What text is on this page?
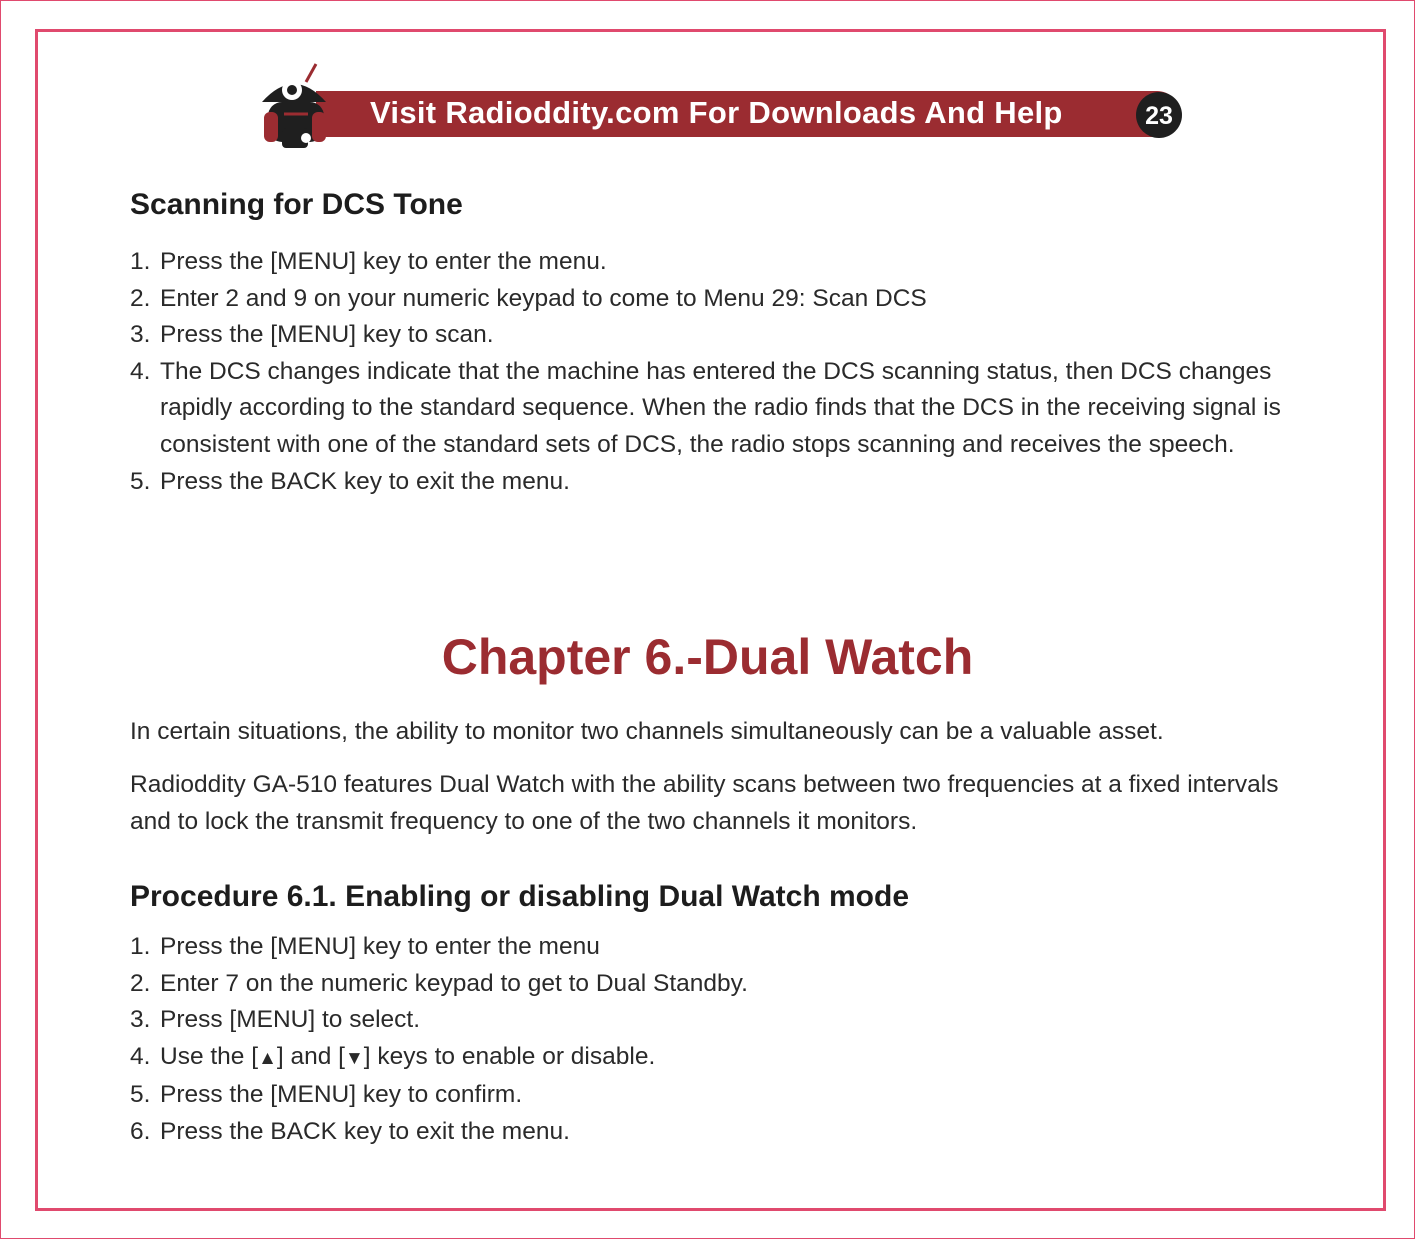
Visit Radioddity.com For Downloads And Help	23
Scanning for DCS Tone
1. Press the [MENU] key to enter the menu.
2. Enter 2 and 9 on your numeric keypad to come to Menu 29: Scan DCS
3. Press the [MENU] key to scan.
4. The DCS changes indicate that the machine has entered the DCS scanning status, then DCS changes rapidly according to the standard sequence. When the radio finds that the DCS in the receiving signal is consistent with one of the standard sets of DCS, the radio stops scanning and receives the speech.
5. Press the BACK key to exit the menu.
Chapter 6.-Dual Watch

In certain situations, the ability to monitor two channels simultaneously can be a valuable asset.

Radioddity GA-510 features Dual Watch with the ability scans between two frequencies at a fixed intervals and to lock the transmit frequency to one of the two channels it monitors.

Procedure 6.1. Enabling or disabling Dual Watch mode
1. Press the [MENU] key to enter the menu
2. Enter 7 on the numeric keypad to get to Dual Standby.
3. Press [MENU] to select.
4. Use the [▲] and [▼] keys to enable or disable.
5. Press the [MENU] key to confirm.
6. Press the BACK key to exit the menu.
